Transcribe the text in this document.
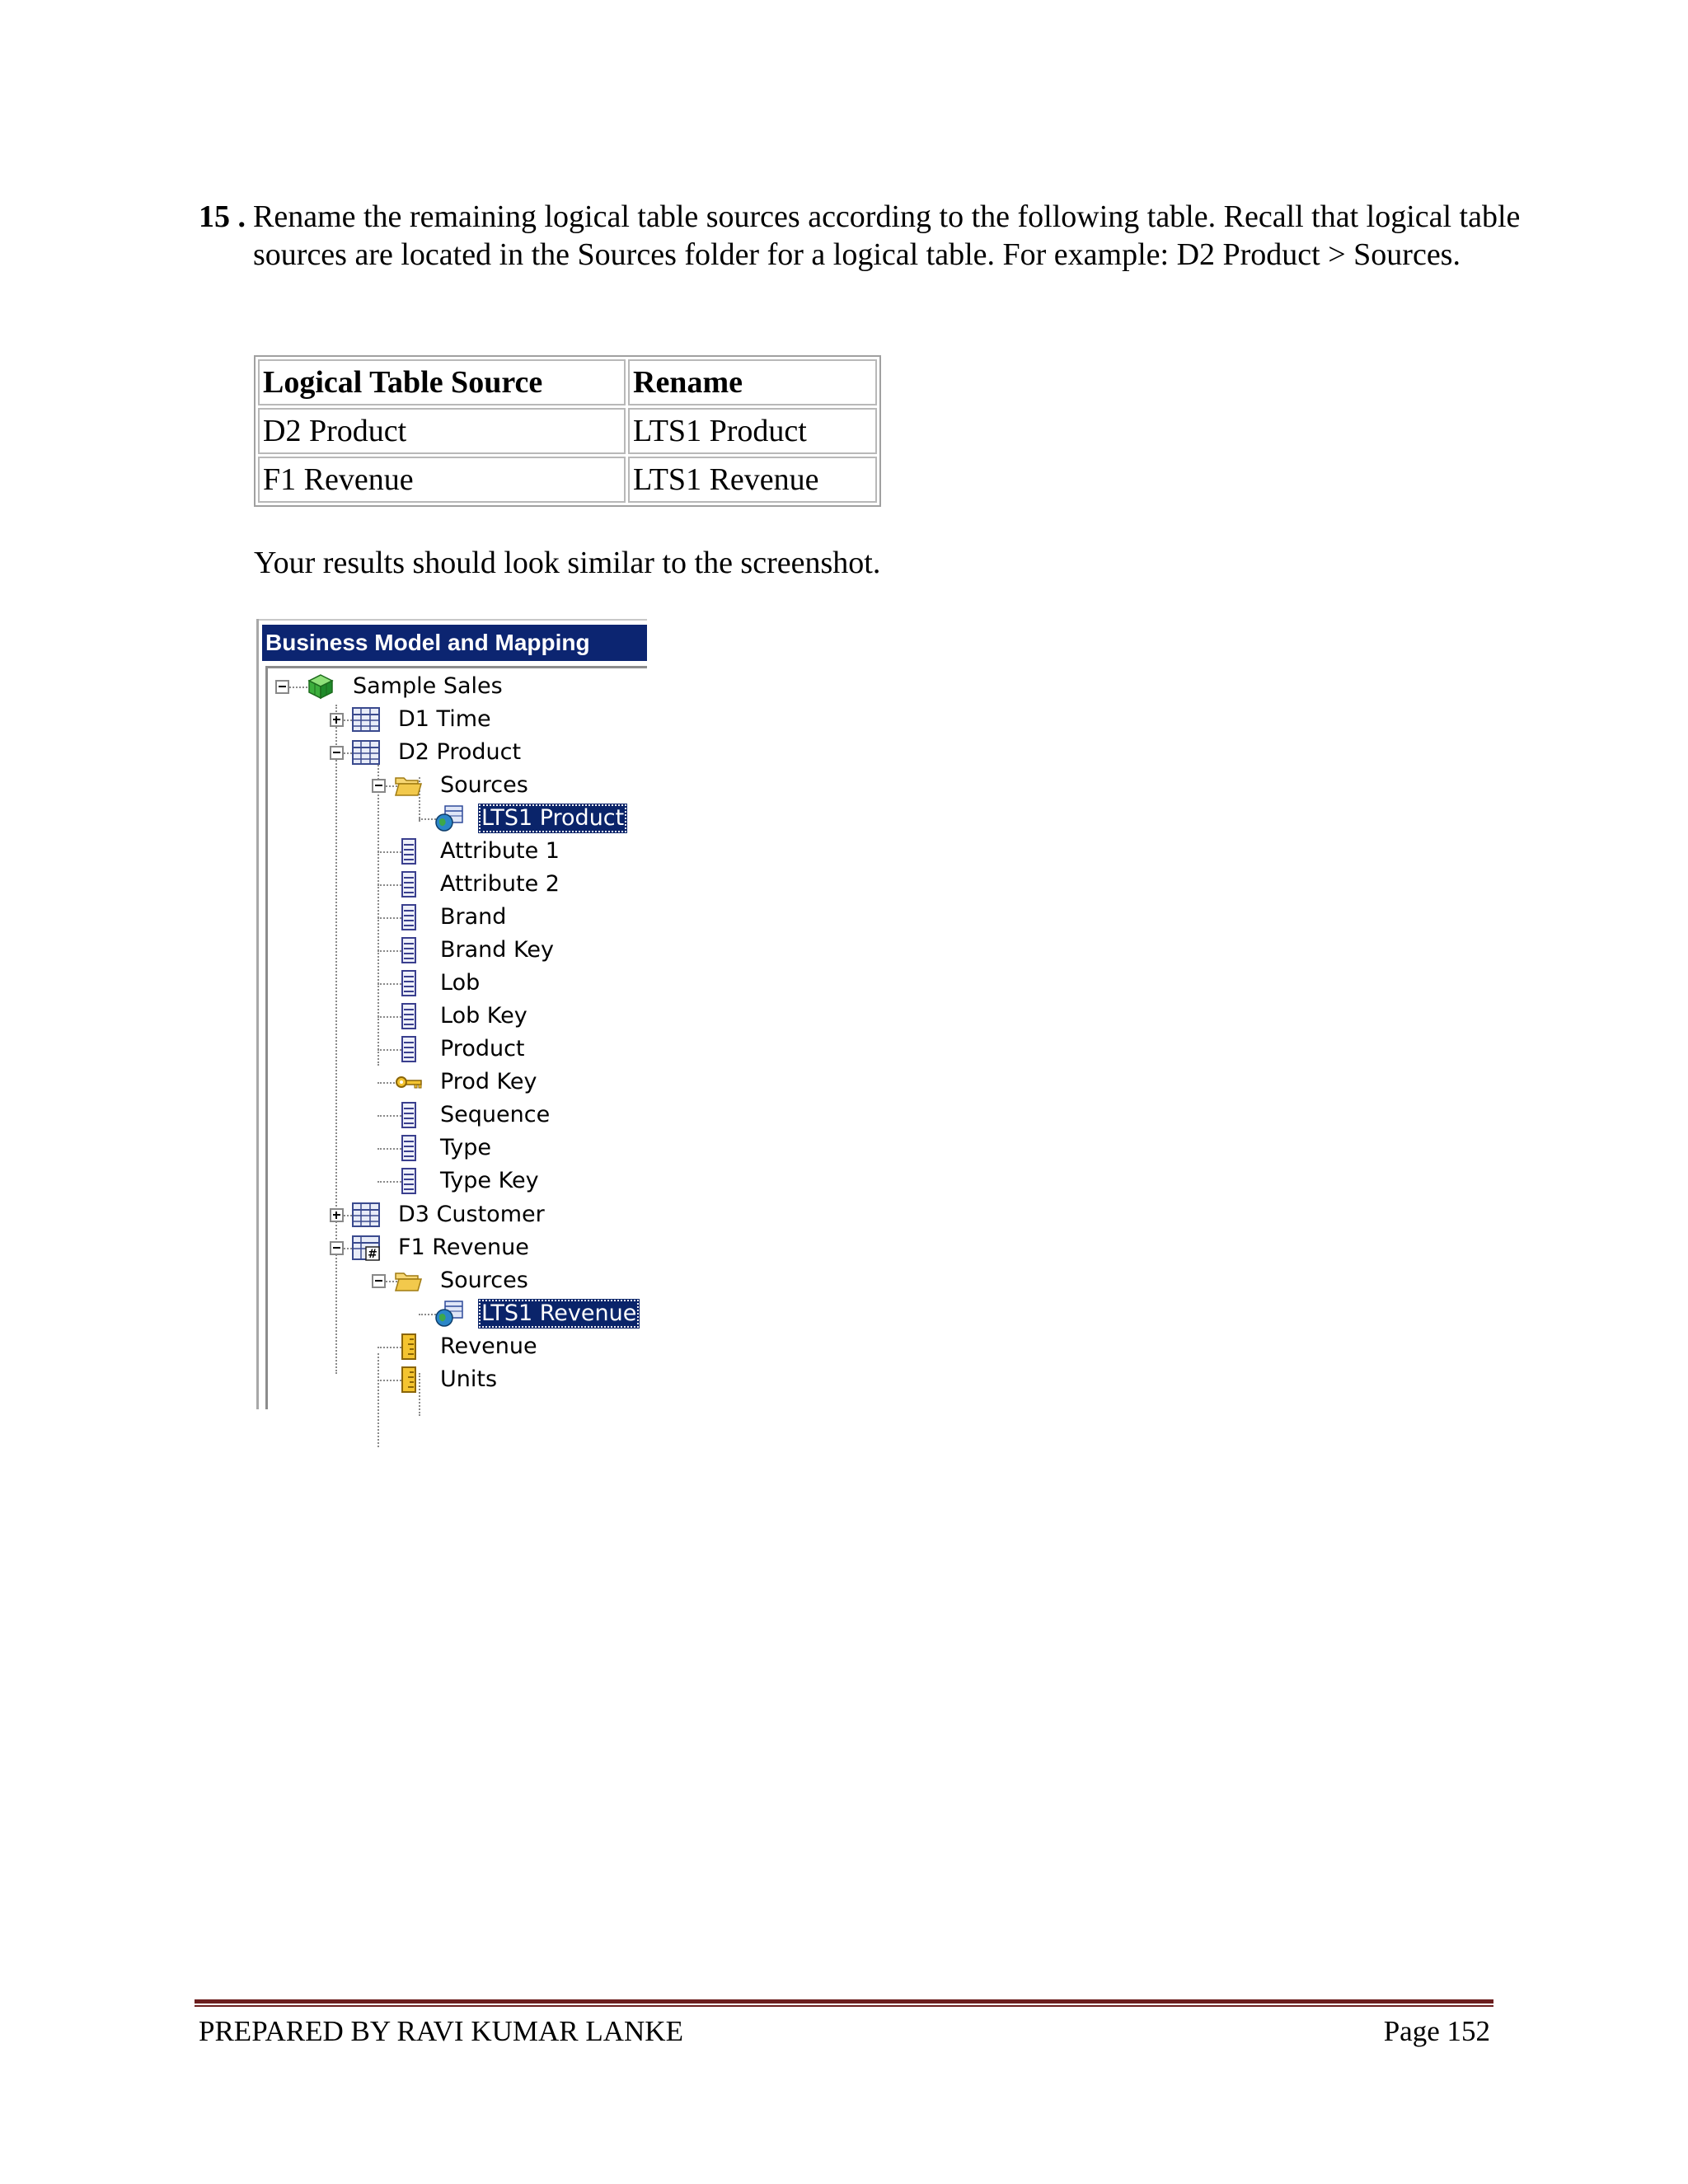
15 . Rename the remaining logical table sources according to the following table. Recall that logical table sources are located in the Sources folder for a logical table. For example: D2 Product > Sources.
Logical Table Source	Rename
D2 Product	LTS1 Product
F1 Revenue	LTS1 Revenue
Your results should look similar to the screenshot.
Business Model and Mapping
Sample Sales
D1 Time
D2 Product
Sources
LTS1 Product
Attribute 1
Attribute 2
Brand
Brand Key
Lob
Lob Key
Product
Prod Key
Sequence
Type
Type Key
D3 Customer
# F1 Revenue
Sources
LTS1 Revenue
Revenue
Units
PREPARED BY RAVI KUMAR LANKE	Page 152
